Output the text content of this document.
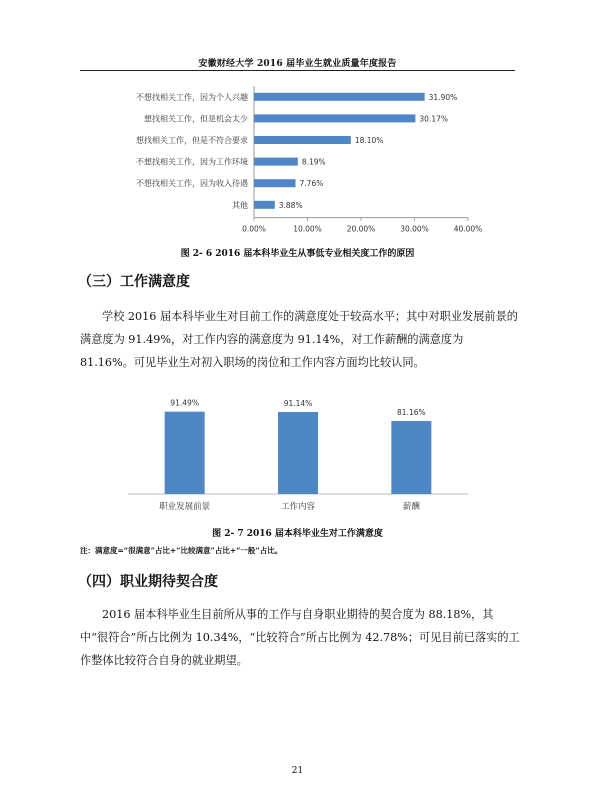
安徽财经大学 2016 届毕业生就业质量年度报告
0.00%	10.00%	20.00%	30.00%	40.00%
不想找相关工作，因为个人兴趣	31.90%
想找相关工作，但是机会太少	30.17%
想找相关工作，但是不符合要求	18.10%
不想找相关工作，因为工作环境	8.19%
不想找相关工作，因为收入待遇	7.76%
其他	3.88%
图 2- 6 2016 届本科毕业生从事低专业相关度工作的原因
（三）工作满意度

学校 2016 届本科毕业生对目前工作的满意度处于较高水平；其中对职业发展前景的满意度为 91.49%，对工作内容的满意度为 91.14%，对工作薪酬的满意度为 81.16%。可见毕业生对初入职场的岗位和工作内容方面均比较认同。

91.49%
职业发展前景
91.14%
工作内容
81.16%
薪酬
图 2- 7 2016 届本科毕业生对工作满意度
注：满意度=“很满意”占比+“比较满意”占比+“一般”占比。
（四）职业期待契合度

2016 届本科毕业生目前所从事的工作与自身职业期待的契合度为 88.18%，其中“很符合”所占比例为 10.34%，“比较符合”所占比例为 42.78%；可见目前已落实的工作整体比较符合自身的就业期望。

21
